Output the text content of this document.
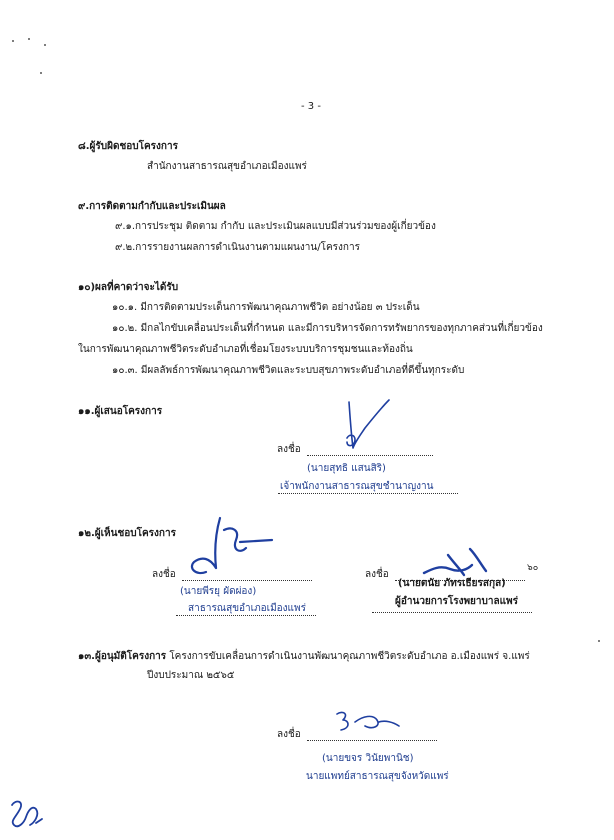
- 3 -
๘.ผู้รับผิดชอบโครงการ
สำนักงานสาธารณสุขอำเภอเมืองแพร่
๙.การติดตามกำกับและประเมินผล
๙.๑.การประชุม ติดตาม กำกับ และประเมินผลแบบมีส่วนร่วมของผู้เกี่ยวข้อง
๙.๒.การรายงานผลการดำเนินงานตามแผนงาน/โครงการ
๑๐)ผลที่คาดว่าจะได้รับ
๑๐.๑. มีการติดตามประเด็นการพัฒนาคุณภาพชีวิต อย่างน้อย ๓ ประเด็น
๑๐.๒. มีกลไกขับเคลื่อนประเด็นที่กำหนด และมีการบริหารจัดการทรัพยากรของทุกภาคส่วนที่เกี่ยวข้อง
ในการพัฒนาคุณภาพชีวิตระดับอำเภอที่เชื่อมโยงระบบบริการชุมชนและท้องถิ่น
๑๐.๓. มีผลลัพธ์การพัฒนาคุณภาพชีวิตและระบบสุขภาพระดับอำเภอที่ดีขึ้นทุกระดับ
๑๑.ผู้เสนอโครงการ
ลงชื่อ
(นายสุทธิ แสนสิริ)
เจ้าพนักงานสาธารณสุขชำนาญงาน
๑๒.ผู้เห็นชอบโครงการ
ลงชื่อ
(นายพีรยุ ผัดผ่อง)
สาธารณสุขอำเภอเมืองแพร่
ลงชื่อ
๖๐
(นายตนัย ภัทรเธียรสกุล)
ผู้อำนวยการโรงพยาบาลแพร่
๑๓.ผู้อนุมัติโครงการ โครงการขับเคลื่อนการดำเนินงานพัฒนาคุณภาพชีวิตระดับอำเภอ อ.เมืองแพร่ จ.แพร่
ปีงบประมาณ ๒๕๖๕
ลงชื่อ
(นายขจร วินัยพานิช)
นายแพทย์สาธารณสุขจังหวัดแพร่
